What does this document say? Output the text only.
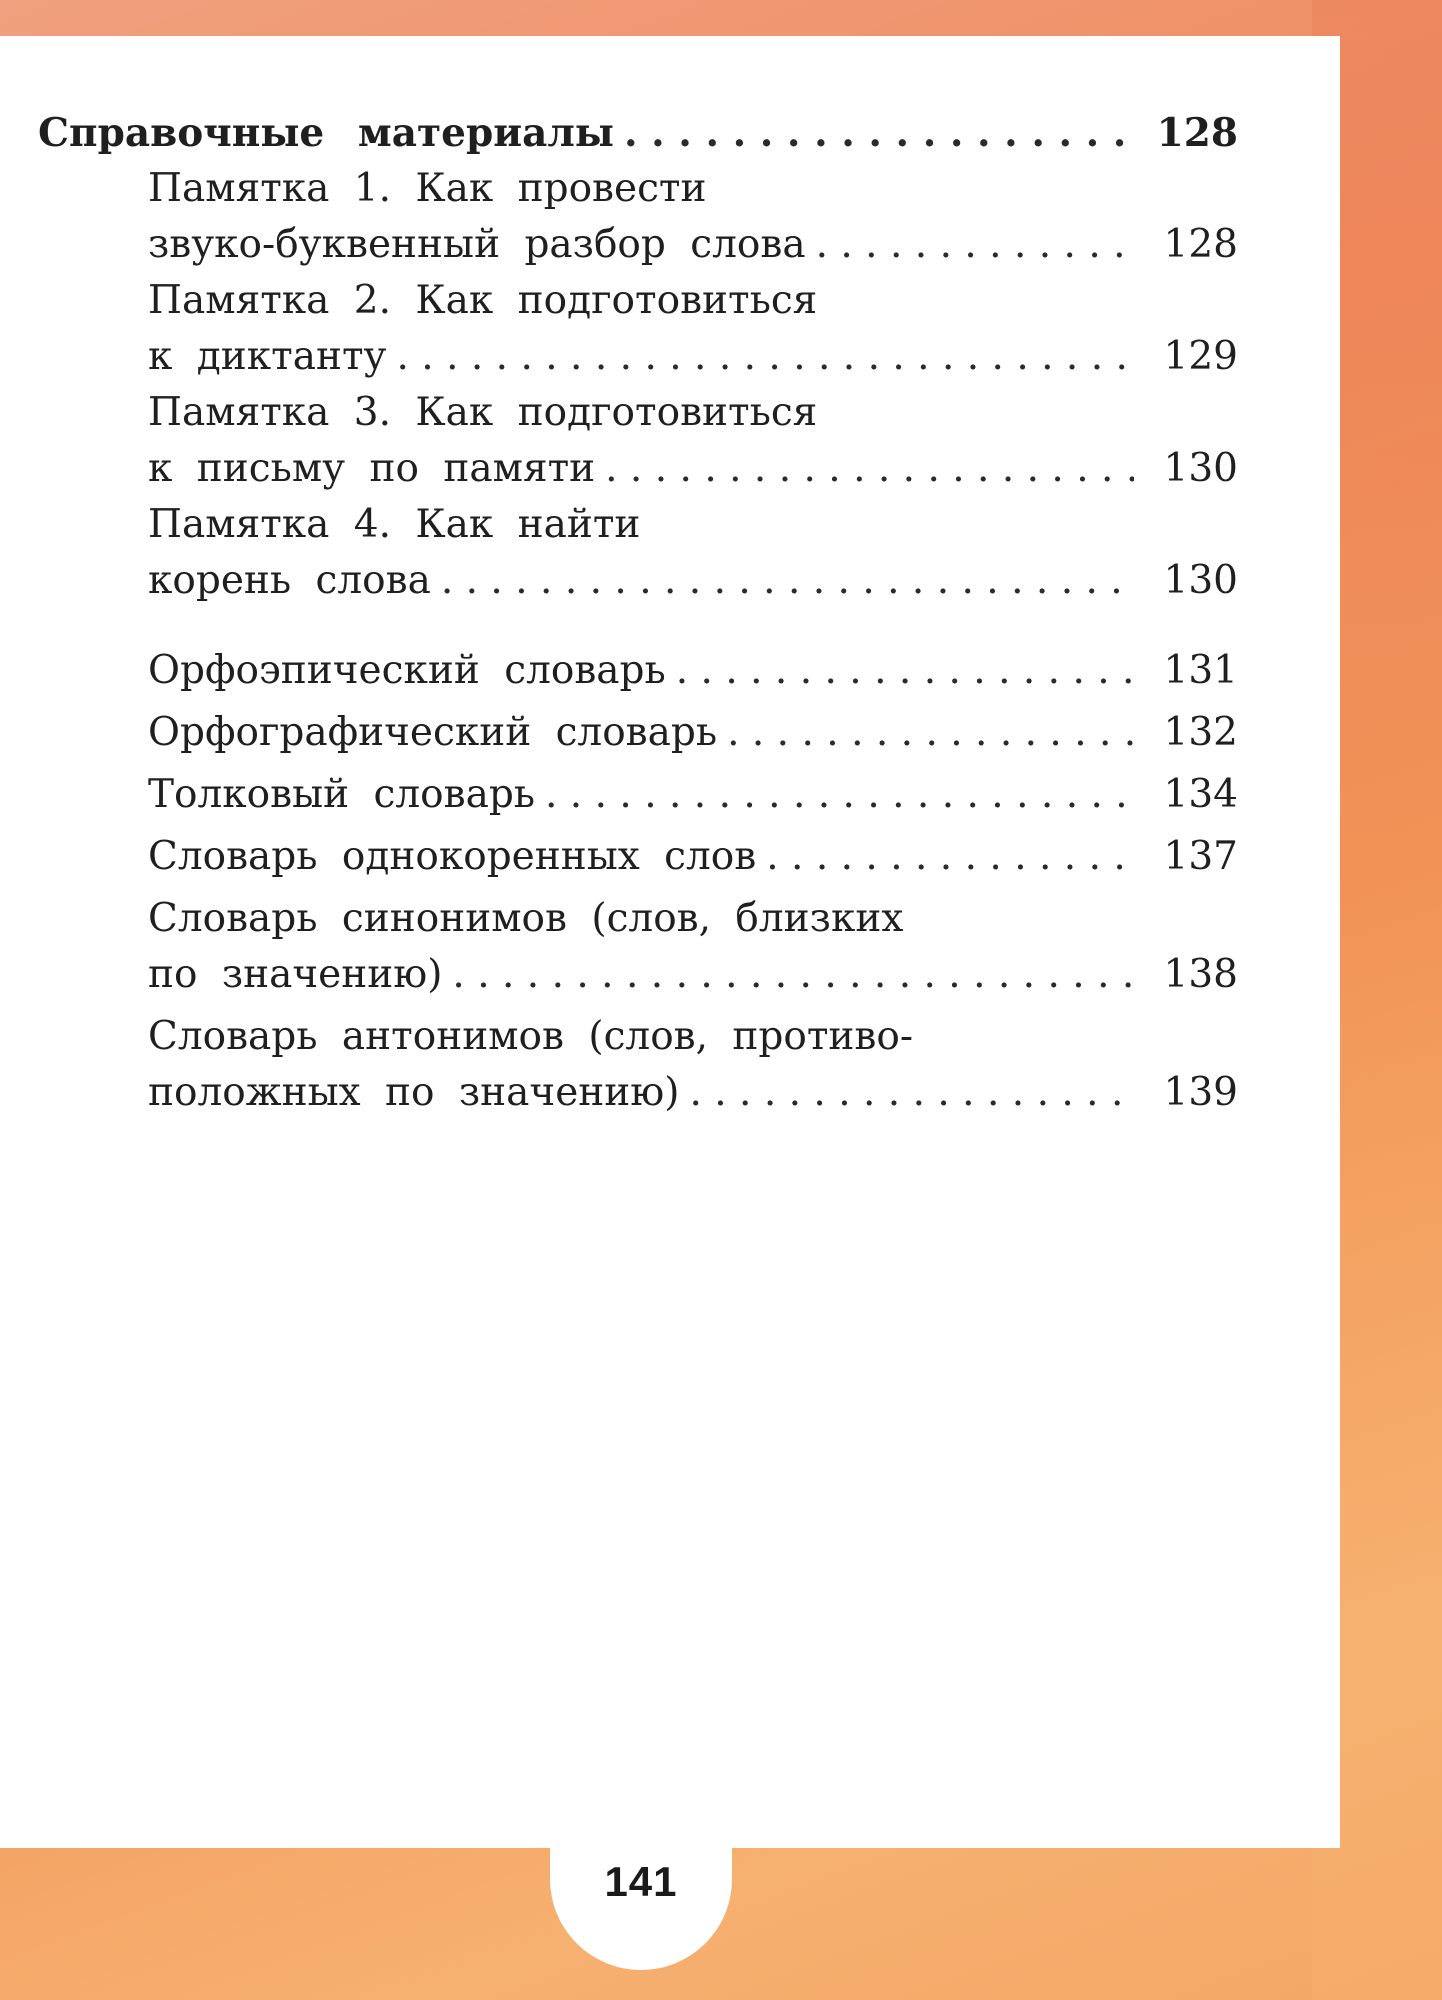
141
Справочные материалы . . .	128
Памятка 1. Как провести
звуко-буквенный разбор слова . . .	128
Памятка 2. Как подготовиться
к диктанту . . .	129
Памятка 3. Как подготовиться
к письму по памяти . . .	130
Памятка 4. Как найти
корень слова . . .	130
Орфоэпический словарь . . .	131
Орфографический словарь . . .	132
Толковый словарь . . .	134
Словарь однокоренных слов . . .	137
Словарь синонимов (слов, близких
по значению) . . .	138
Словарь антонимов (слов, противо-
положных по значению) . . .	139
